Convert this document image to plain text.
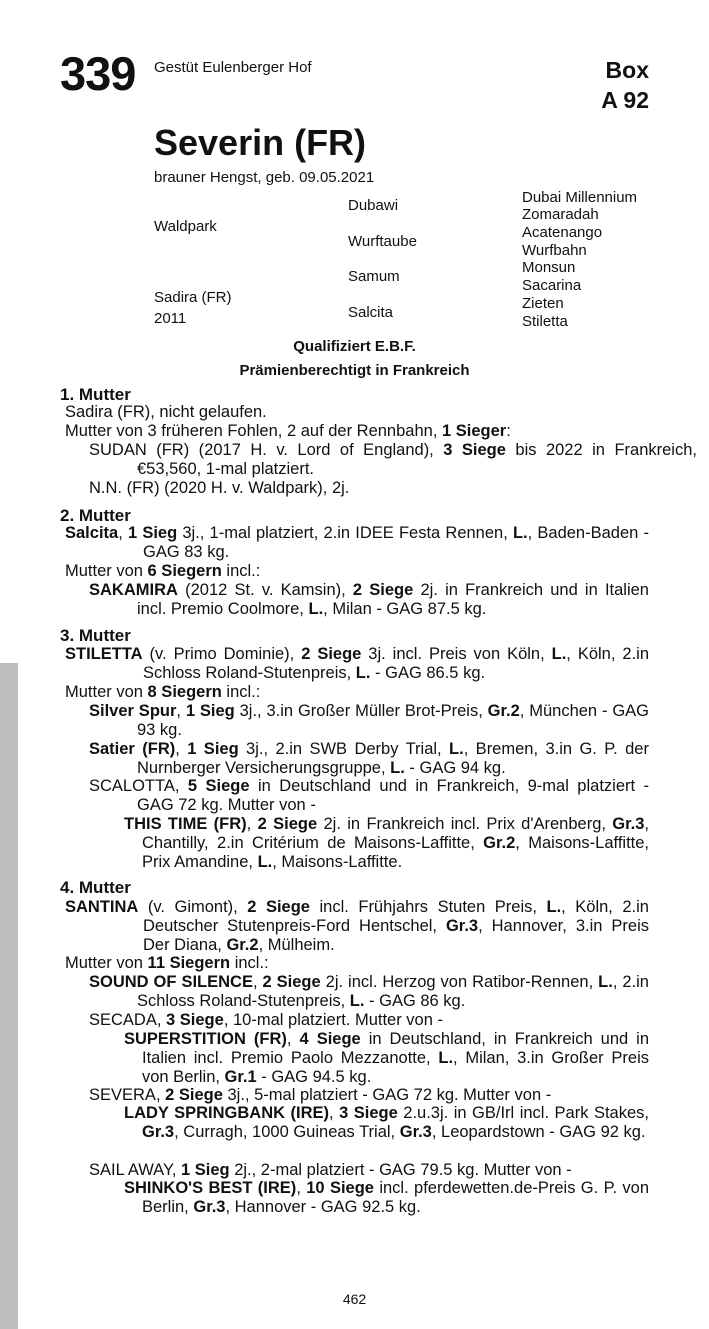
339 Gestüt Eulenberger Hof	Box
A 92
Severin (FR)
brauner Hengst, geb. 09.05.2021
Waldpark
Sadira (FR)
2011
Dubawi
Wurftaube
Samum
Salcita
Dubai Millennium
Zomaradah
Acatenango
Wurfbahn
Monsun
Sacarina
Zieten
Stiletta
Qualifiziert E.B.F.
Prämienberechtigt in Frankreich
1. Mutter
Sadira (FR), nicht gelaufen.
Mutter von 3 früheren Fohlen, 2 auf der Rennbahn, 1 Sieger:
SUDAN (FR) (2017 H. v. Lord of England), 3 Siege bis 2022 in Frankreich, €53,560, 1-mal platziert.
N.N. (FR) (2020 H. v. Waldpark), 2j.
2. Mutter
Salcita, 1 Sieg 3j., 1-mal platziert, 2.in IDEE Festa Rennen, L., Baden-Baden - GAG 83 kg.
Mutter von 6 Siegern incl.:
SAKAMIRA (2012 St. v. Kamsin), 2 Siege 2j. in Frankreich und in Italien incl. Premio Coolmore, L., Milan - GAG 87.5 kg.
3. Mutter
STILETTA (v. Primo Dominie), 2 Siege 3j. incl. Preis von Köln, L., Köln, 2.in Schloss Roland-Stutenpreis, L. - GAG 86.5 kg.
Mutter von 8 Siegern incl.:
Silver Spur, 1 Sieg 3j., 3.in Großer Müller Brot-Preis, Gr.2, München - GAG 93 kg.
Satier (FR), 1 Sieg 3j., 2.in SWB Derby Trial, L., Bremen, 3.in G. P. der Nurnberger Versicherungsgruppe, L. - GAG 94 kg.
SCALOTTA, 5 Siege in Deutschland und in Frankreich, 9-mal platziert - GAG 72 kg. Mutter von -
THIS TIME (FR), 2 Siege 2j. in Frankreich incl. Prix d'Arenberg, Gr.3, Chantilly, 2.in Critérium de Maisons-Laffitte, Gr.2, Maisons-Laffitte, Prix Amandine, L., Maisons-Laffitte.
4. Mutter
SANTINA (v. Gimont), 2 Siege incl. Frühjahrs Stuten Preis, L., Köln, 2.in Deutscher Stutenpreis-Ford Hentschel, Gr.3, Hannover, 3.in Preis Der Diana, Gr.2, Mülheim.
Mutter von 11 Siegern incl.:
SOUND OF SILENCE, 2 Siege 2j. incl. Herzog von Ratibor-Rennen, L., 2.in Schloss Roland-Stutenpreis, L. - GAG 86 kg.
SECADA, 3 Siege, 10-mal platziert. Mutter von -
SUPERSTITION (FR), 4 Siege in Deutschland, in Frankreich und in Italien incl. Premio Paolo Mezzanotte, L., Milan, 3.in Großer Preis von Berlin, Gr.1 - GAG 94.5 kg.
SEVERA, 2 Siege 3j., 5-mal platziert - GAG 72 kg. Mutter von -
LADY SPRINGBANK (IRE), 3 Siege 2.u.3j. in GB/Irl incl. Park Stakes, Gr.3, Curragh, 1000 Guineas Trial, Gr.3, Leopardstown - GAG 92 kg.
SAIL AWAY, 1 Sieg 2j., 2-mal platziert - GAG 79.5 kg. Mutter von -
SHINKO'S BEST (IRE), 10 Siege incl. pferdewetten.de-Preis G. P. von Berlin, Gr.3, Hannover - GAG 92.5 kg.
462
